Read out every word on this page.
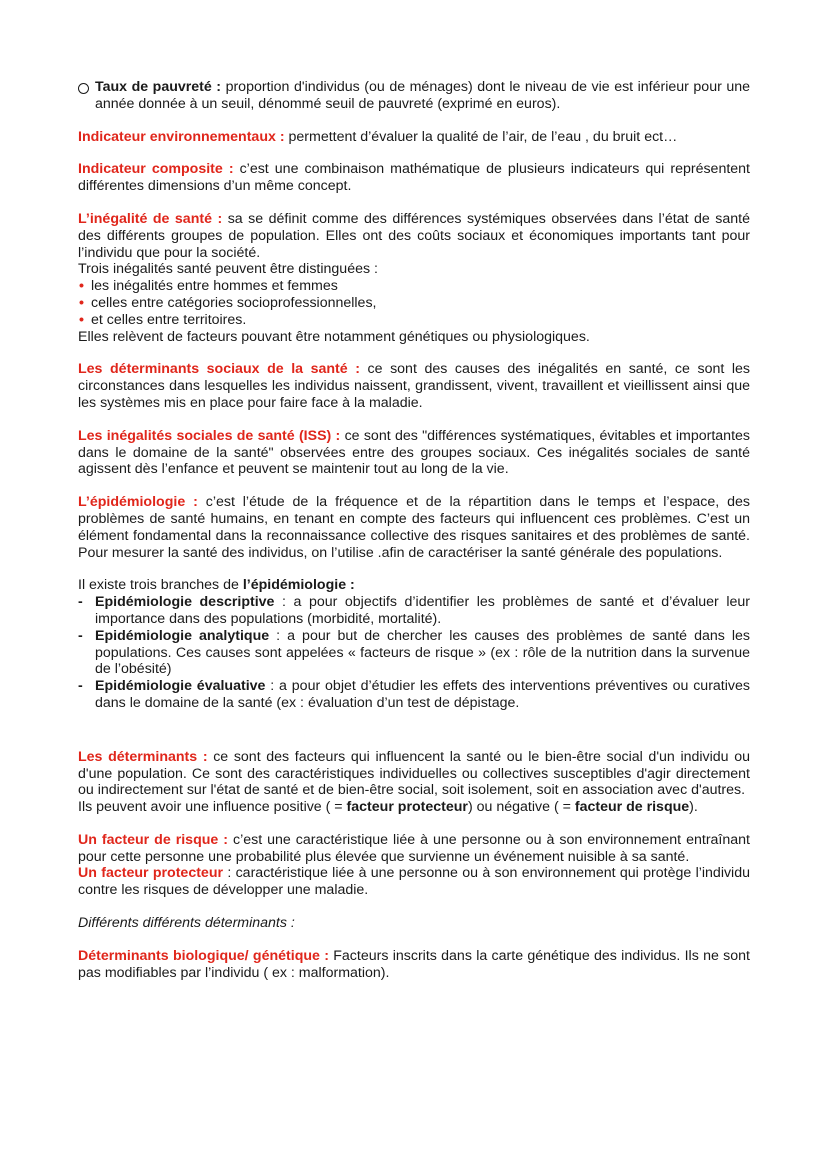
Taux de pauvreté : proportion d'individus (ou de ménages) dont le niveau de vie est inférieur pour une année donnée à un seuil, dénommé seuil de pauvreté (exprimé en euros).

Indicateur environnementaux : permettent d’évaluer la qualité de l’air, de l’eau , du bruit ect…

Indicateur composite : c’est une combinaison mathématique de plusieurs indicateurs qui représentent différentes dimensions d’un même concept.

L’inégalité de santé : sa se définit comme des différences systémiques observées dans l’état de santé des différents groupes de population. Elles ont des coûts sociaux et économiques importants tant pour l’individu que pour la société.

Trois inégalités santé peuvent être distinguées :

• les inégalités entre hommes et femmes
• celles entre catégories socioprofessionnelles,
• et celles entre territoires.

Elles relèvent de facteurs pouvant être notamment génétiques ou physiologiques.

Les déterminants sociaux de la santé : ce sont des causes des inégalités en santé, ce sont les circonstances dans lesquelles les individus naissent, grandissent, vivent, travaillent et vieillissent ainsi que les systèmes mis en place pour faire face à la maladie.

Les inégalités sociales de santé (ISS) : ce sont des "différences systématiques, évitables et importantes dans le domaine de la santé" observées entre des groupes sociaux. Ces inégalités sociales de santé agissent dès l’enfance et peuvent se maintenir tout au long de la vie.

L’épidémiologie : c’est l’étude de la fréquence et de la répartition dans le temps et l’espace, des problèmes de santé humains, en tenant en compte des facteurs qui influencent ces problèmes. C’est un élément fondamental dans la reconnaissance collective des risques sanitaires et des problèmes de santé. Pour mesurer la santé des individus, on l’utilise .afin de caractériser la santé générale des populations.

Il existe trois branches de l’épidémiologie :

- Epidémiologie descriptive : a pour objectifs d’identifier les problèmes de santé et d’évaluer leur importance dans des populations (morbidité, mortalité).
- Epidémiologie analytique : a pour but de chercher les causes des problèmes de santé dans les populations. Ces causes sont appelées « facteurs de risque » (ex : rôle de la nutrition dans la survenue de l’obésité)
- Epidémiologie évaluative : a pour objet d’étudier les effets des interventions préventives ou curatives dans le domaine de la santé (ex : évaluation d’un test de dépistage.

Les déterminants : ce sont des facteurs qui influencent la santé ou le bien-être social d'un individu ou d'une population. Ce sont des caractéristiques individuelles ou collectives susceptibles d'agir directement ou indirectement sur l'état de santé et de bien-être social, soit isolement, soit en association avec d'autres.

Ils peuvent avoir une influence positive ( = facteur protecteur) ou négative ( = facteur de risque).

Un facteur de risque : c’est une caractéristique liée à une personne ou à son environnement entraînant pour cette personne une probabilité plus élevée que survienne un événement nuisible à sa santé.

Un facteur protecteur : caractéristique liée à une personne ou à son environnement qui protège l’individu contre les risques de développer une maladie.

Différents différents déterminants :

Déterminants biologique/ génétique : Facteurs inscrits dans la carte génétique des individus. Ils ne sont pas modifiables par l’individu ( ex : malformation).
